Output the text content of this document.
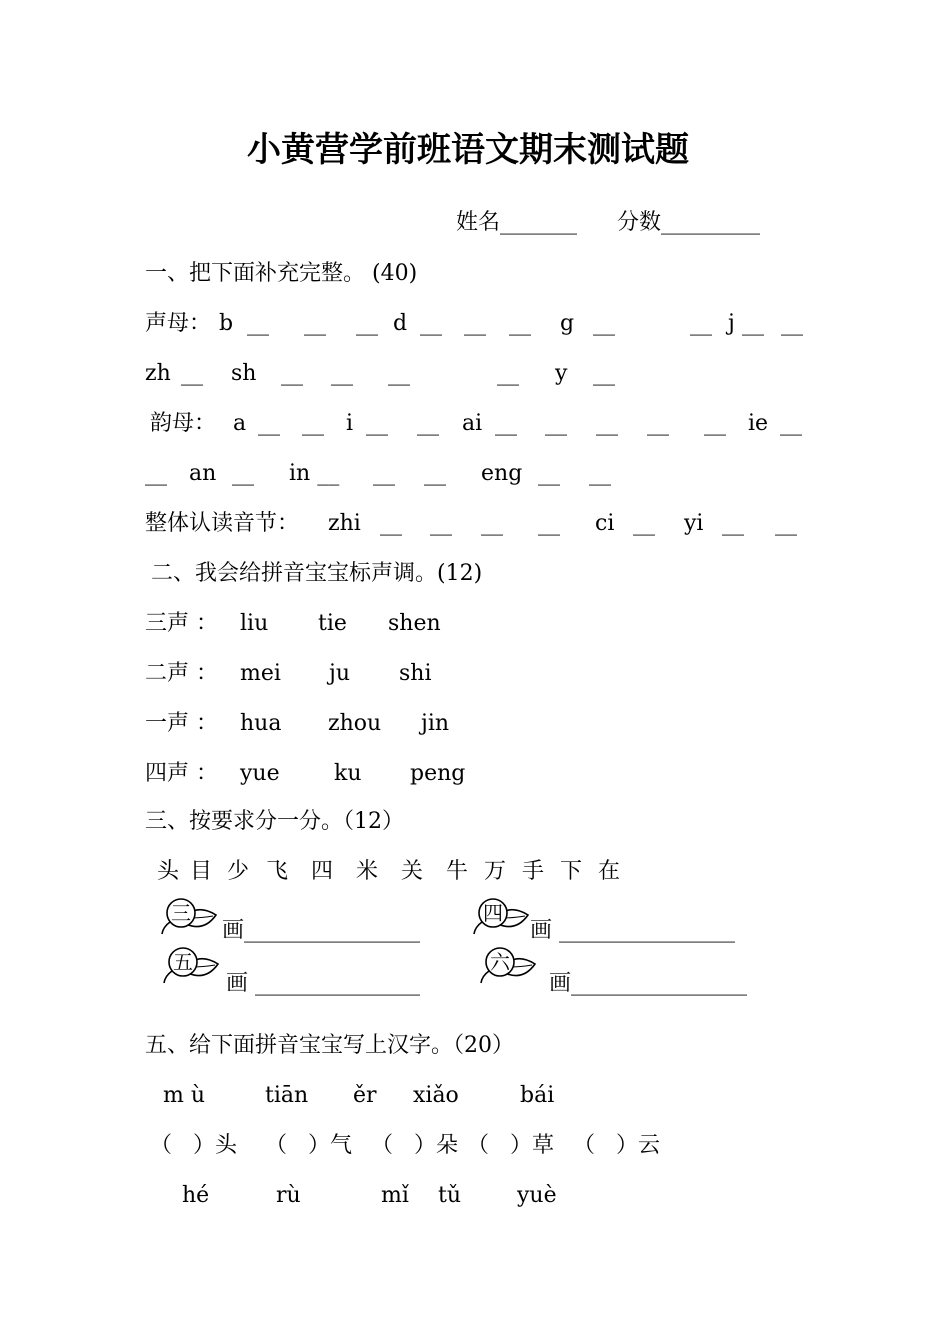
小黄营学前班语文期末测试题
姓名_______ 分数_________
一、把下面补充完整。 (40)
声母： b __ __ __ d __ __ __ g __	__ j __ __
zh __ sh __ __ __	__ y __
韵母： a __ __ i __ __ ai __ __ __ __ __ ie __
__ an __ in __ __ __ eng __ __
整体认读音节： zhi __ __ __ __ ci __ yi __ __
二、我会给拼音宝宝标声调。(12)
三声 ： liu tie shen
二声 ： mei ju shi
一声 ： hua zhou jin
四声 ： yue ku peng
三、按要求分一分。（12）
头 目 少 飞 四 米 关 牛 万 手 下 在
三
画________________
四
画 ________________
五
画 _______________
六
画________________
五、给下面拼音宝宝写上汉字。（20）
m ù	tiān ěr xiǎo	bái
（   ）头 （   ）气 （   ）朵 （   ）草 （   ）云
hé	rù	mǐ tǔ	yuè
